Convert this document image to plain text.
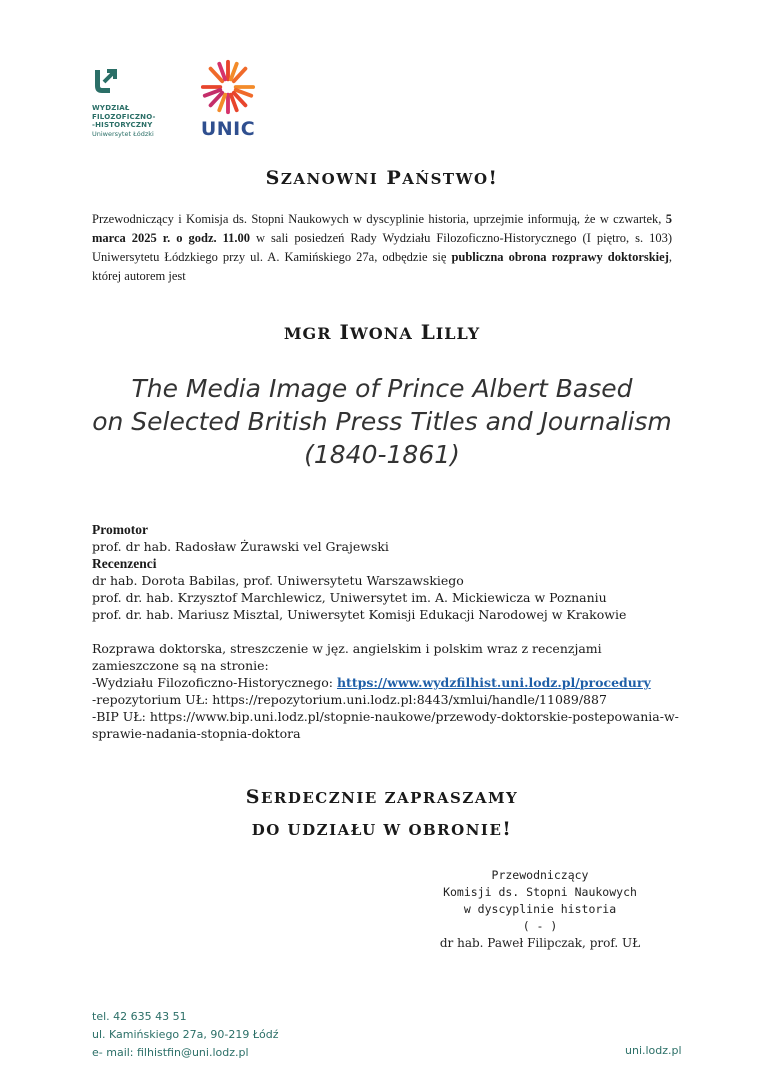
WYDZIAŁ
FILOZOFICZNO-
-HISTORYCZNY
Uniwersytet Łódzki	UNIC
SZANOWNI PAŃSTWO!
Przewodniczący i Komisja ds. Stopni Naukowych w dyscyplinie historia, uprzejmie informują, że w czwartek, 5 marca 2025 r. o godz. 11.00 w sali posiedzeń Rady Wydziału Filozoficzno-Historycznego (I piętro, s. 103) Uniwersytetu Łódzkiego przy ul. A. Kamińskiego 27a, odbędzie się publiczna obrona rozprawy doktorskiej, której autorem jest
MGR IWONA LILLY
The Media Image of Prince Albert Based
on Selected British Press Titles and Journalism
(1840-1861)
Promotor
prof. dr hab. Radosław Żurawski vel Grajewski
Recenzenci
dr hab. Dorota Babilas, prof. Uniwersytetu Warszawskiego
prof. dr. hab. Krzysztof Marchlewicz, Uniwersytet im. A. Mickiewicza w Poznaniu
prof. dr. hab. Mariusz Misztal, Uniwersytet Komisji Edukacji Narodowej w Krakowie
Rozprawa doktorska, streszczenie w jęz. angielskim i polskim wraz z recenzjami zamieszczone są na stronie:
-Wydziału Filozoficzno-Historycznego: https://www.wydzfilhist.uni.lodz.pl/procedury
-repozytorium UŁ: https://repozytorium.uni.lodz.pl:8443/xmlui/handle/11089/887
-BIP UŁ: https://www.bip.uni.lodz.pl/stopnie-naukowe/przewody-doktorskie-postepowania-w-sprawie-nadania-stopnia-doktora
SERDECZNIE ZAPRASZAMY
DO UDZIAŁU W OBRONIE!
Przewodniczący
Komisji ds. Stopni Naukowych
w dyscyplinie historia
( - )
dr hab. Paweł Filipczak, prof. UŁ
tel. 42 635 43 51
ul. Kamińskiego 27a, 90-219 Łódź
e- mail: filhistfin@uni.lodz.pl	uni.lodz.pl
